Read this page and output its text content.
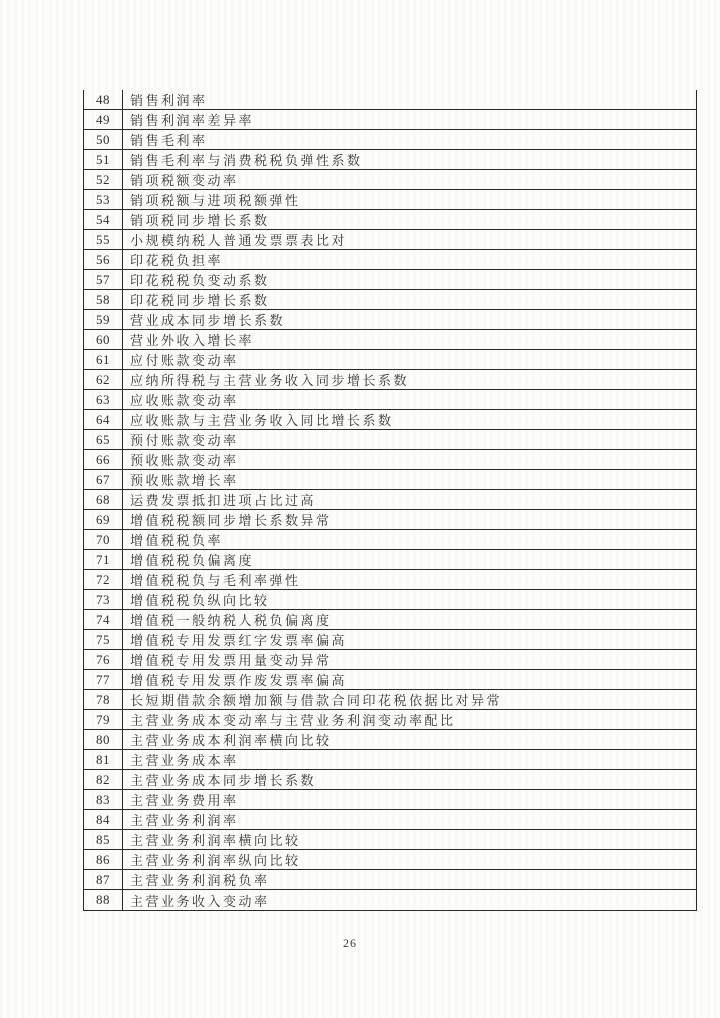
48	销售利润率
49	销售利润率差异率
50	销售毛利率
51	销售毛利率与消费税税负弹性系数
52	销项税额变动率
53	销项税额与进项税额弹性
54	销项税同步增长系数
55	小规模纳税人普通发票票表比对
56	印花税负担率
57	印花税税负变动系数
58	印花税同步增长系数
59	营业成本同步增长系数
60	营业外收入增长率
61	应付账款变动率
62	应纳所得税与主营业务收入同步增长系数
63	应收账款变动率
64	应收账款与主营业务收入同比增长系数
65	预付账款变动率
66	预收账款变动率
67	预收账款增长率
68	运费发票抵扣进项占比过高
69	增值税税额同步增长系数异常
70	增值税税负率
71	增值税税负偏离度
72	增值税税负与毛利率弹性
73	增值税税负纵向比较
74	增值税一般纳税人税负偏离度
75	增值税专用发票红字发票率偏高
76	增值税专用发票用量变动异常
77	增值税专用发票作废发票率偏高
78	长短期借款余额增加额与借款合同印花税依据比对异常
79	主营业务成本变动率与主营业务利润变动率配比
80	主营业务成本利润率横向比较
81	主营业务成本率
82	主营业务成本同步增长系数
83	主营业务费用率
84	主营业务利润率
85	主营业务利润率横向比较
86	主营业务利润率纵向比较
87	主营业务利润税负率
88	主营业务收入变动率
26
